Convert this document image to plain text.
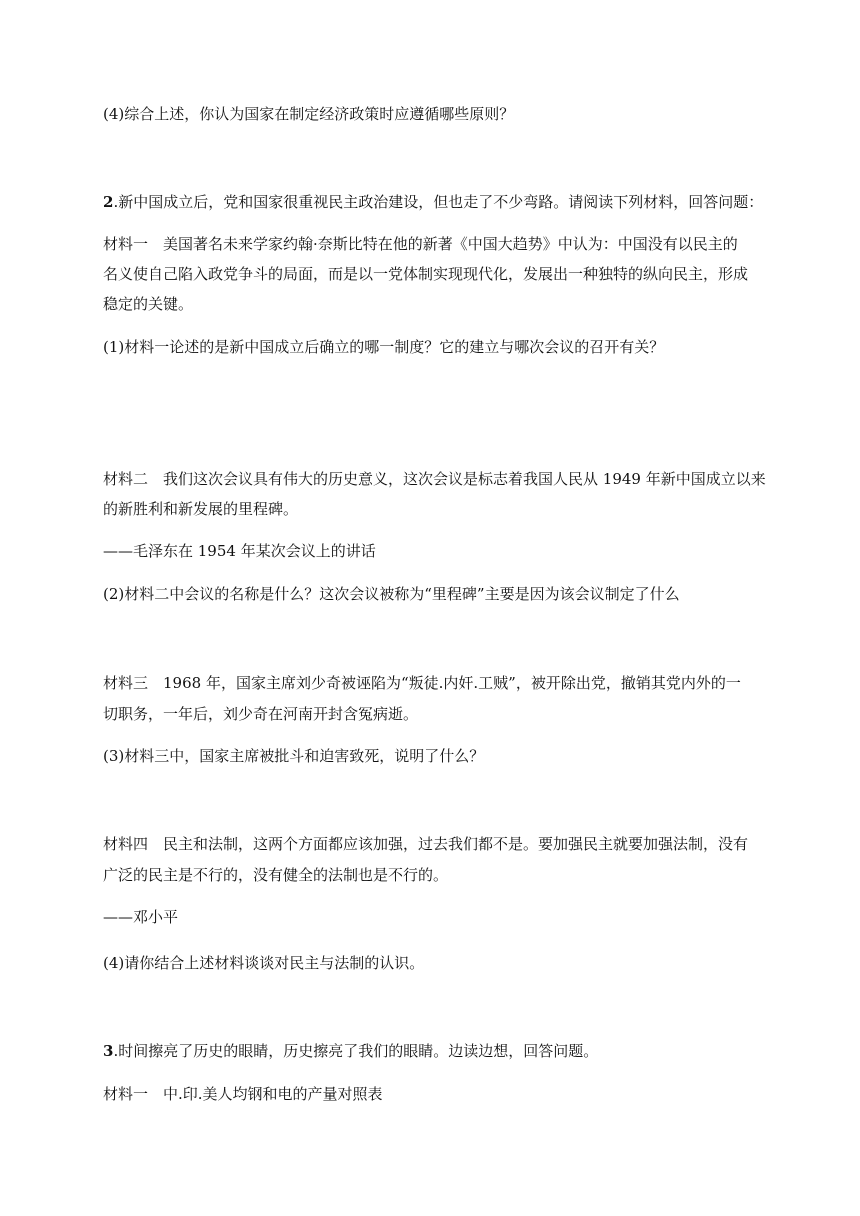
(4)综合上述，你认为国家在制定经济政策时应遵循哪些原则？
2.新中国成立后，党和国家很重视民主政治建设，但也走了不少弯路。请阅读下列材料，回答问题：
材料一　美国著名未来学家约翰·奈斯比特在他的新著《中国大趋势》中认为：中国没有以民主的
名义使自己陷入政党争斗的局面，而是以一党体制实现现代化，发展出一种独特的纵向民主，形成
稳定的关键。
(1)材料一论述的是新中国成立后确立的哪一制度？它的建立与哪次会议的召开有关？
材料二　我们这次会议具有伟大的历史意义，这次会议是标志着我国人民从 1949 年新中国成立以来
的新胜利和新发展的里程碑。
——毛泽东在 1954 年某次会议上的讲话
(2)材料二中会议的名称是什么？这次会议被称为“里程碑”主要是因为该会议制定了什么
材料三　1968 年，国家主席刘少奇被诬陷为“叛徒.内奸.工贼”，被开除出党，撤销其党内外的一
切职务，一年后，刘少奇在河南开封含冤病逝。
(3)材料三中，国家主席被批斗和迫害致死，说明了什么？
材料四　民主和法制，这两个方面都应该加强，过去我们都不是。要加强民主就要加强法制，没有
广泛的民主是不行的，没有健全的法制也是不行的。
——邓小平
(4)请你结合上述材料谈谈对民主与法制的认识。
3.时间擦亮了历史的眼睛，历史擦亮了我们的眼睛。边读边想，回答问题。
材料一　中.印.美人均钢和电的产量对照表
